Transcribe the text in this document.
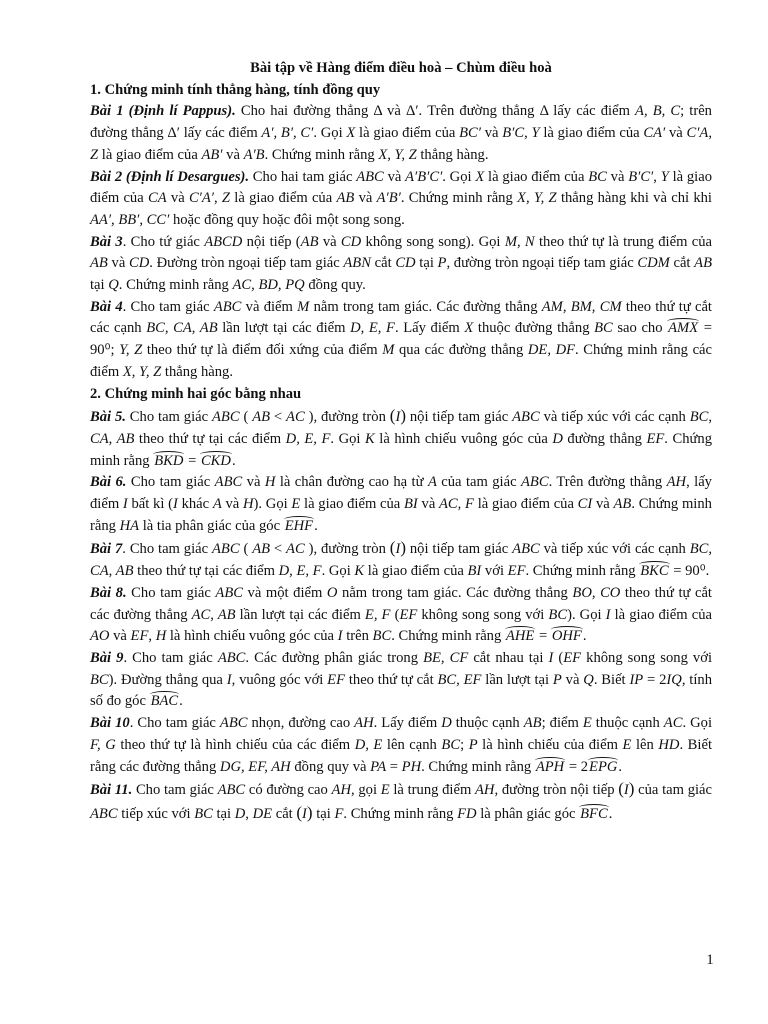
Bài tập về Hàng điểm điều hoà – Chùm điều hoà

1. Chứng minh tính thẳng hàng, tính đồng quy

Bài 1 (Định lí Pappus). Cho hai đường thẳng Δ và Δ′. Trên đường thẳng Δ lấy các điểm A, B, C; trên đường thẳng Δ′ lấy các điểm A′, B′, C′. Gọi X là giao điểm của BC′ và B′C, Y là giao điểm của CA′ và C′A, Z là giao điểm của AB′ và A′B. Chứng minh rằng X, Y, Z thẳng hàng.

Bài 2 (Định lí Desargues). Cho hai tam giác ABC và A′B′C′. Gọi X là giao điểm của BC và B′C′, Y là giao điểm của CA và C′A′, Z là giao điểm của AB và A′B′. Chứng minh rằng X, Y, Z thẳng hàng khi và chỉ khi AA′, BB′, CC′ hoặc đồng quy hoặc đôi một song song.

Bài 3. Cho tứ giác ABCD nội tiếp (AB và CD không song song). Gọi M, N theo thứ tự là trung điểm của AB và CD. Đường tròn ngoại tiếp tam giác ABN cắt CD tại P, đường tròn ngoại tiếp tam giác CDM cắt AB tại Q. Chứng minh rằng AC, BD, PQ đồng quy.

Bài 4. Cho tam giác ABC và điểm M nằm trong tam giác. Các đường thẳng AM, BM, CM theo thứ tự cắt các cạnh BC, CA, AB lần lượt tại các điểm D, E, F. Lấy điểm X thuộc đường thẳng BC sao cho AMX = 90⁰; Y, Z theo thứ tự là điểm đối xứng của điểm M qua các đường thẳng DE, DF. Chứng minh rằng các điểm X, Y, Z thẳng hàng.

2. Chứng minh hai góc bằng nhau

Bài 5. Cho tam giác ABC ( AB < AC ), đường tròn (I) nội tiếp tam giác ABC và tiếp xúc với các cạnh BC, CA, AB theo thứ tự tại các điểm D, E, F. Gọi K là hình chiếu vuông góc của D đường thẳng EF. Chứng minh rằng BKD = CKD.

Bài 6. Cho tam giác ABC và H là chân đường cao hạ từ A của tam giác ABC. Trên đường thằng AH, lấy điểm I bất kì (I khác A và H). Gọi E là giao điểm của BI và AC, F là giao điểm của CI và AB. Chứng minh rằng HA là tia phân giác của góc EHF.

Bài 7. Cho tam giác ABC ( AB < AC ), đường tròn (I) nội tiếp tam giác ABC và tiếp xúc với các cạnh BC, CA, AB theo thứ tự tại các điểm D, E, F. Gọi K là giao điểm của BI với EF. Chứng minh rằng BKC = 90⁰.

Bài 8. Cho tam giác ABC và một điểm O nằm trong tam giác. Các đường thẳng BO, CO theo thứ tự cắt các đường thẳng AC, AB lần lượt tại các điểm E, F (EF không song song với BC). Gọi I là giao điểm của AO và EF, H là hình chiếu vuông góc của I trên BC. Chứng minh rằng AHE = OHF.

Bài 9. Cho tam giác ABC. Các đường phân giác trong BE, CF cắt nhau tại I (EF không song song với BC). Đường thẳng qua I, vuông góc với EF theo thứ tự cắt BC, EF lần lượt tại P và Q. Biết IP = 2IQ, tính số đo góc BAC.

Bài 10. Cho tam giác ABC nhọn, đường cao AH. Lấy điểm D thuộc cạnh AB; điểm E thuộc cạnh AC. Gọi F, G theo thứ tự là hình chiếu của các điểm D, E lên cạnh BC; P là hình chiếu của điểm E lên HD. Biết rằng các đường thẳng DG, EF, AH đồng quy và PA = PH. Chứng minh rằng APH = 2EPG.

Bài 11. Cho tam giác ABC có đường cao AH, gọi E là trung điểm AH, đường tròn nội tiếp (I) của tam giác ABC tiếp xúc với BC tại D, DE cắt (I) tại F. Chứng minh rằng FD là phân giác góc BFC.

1
